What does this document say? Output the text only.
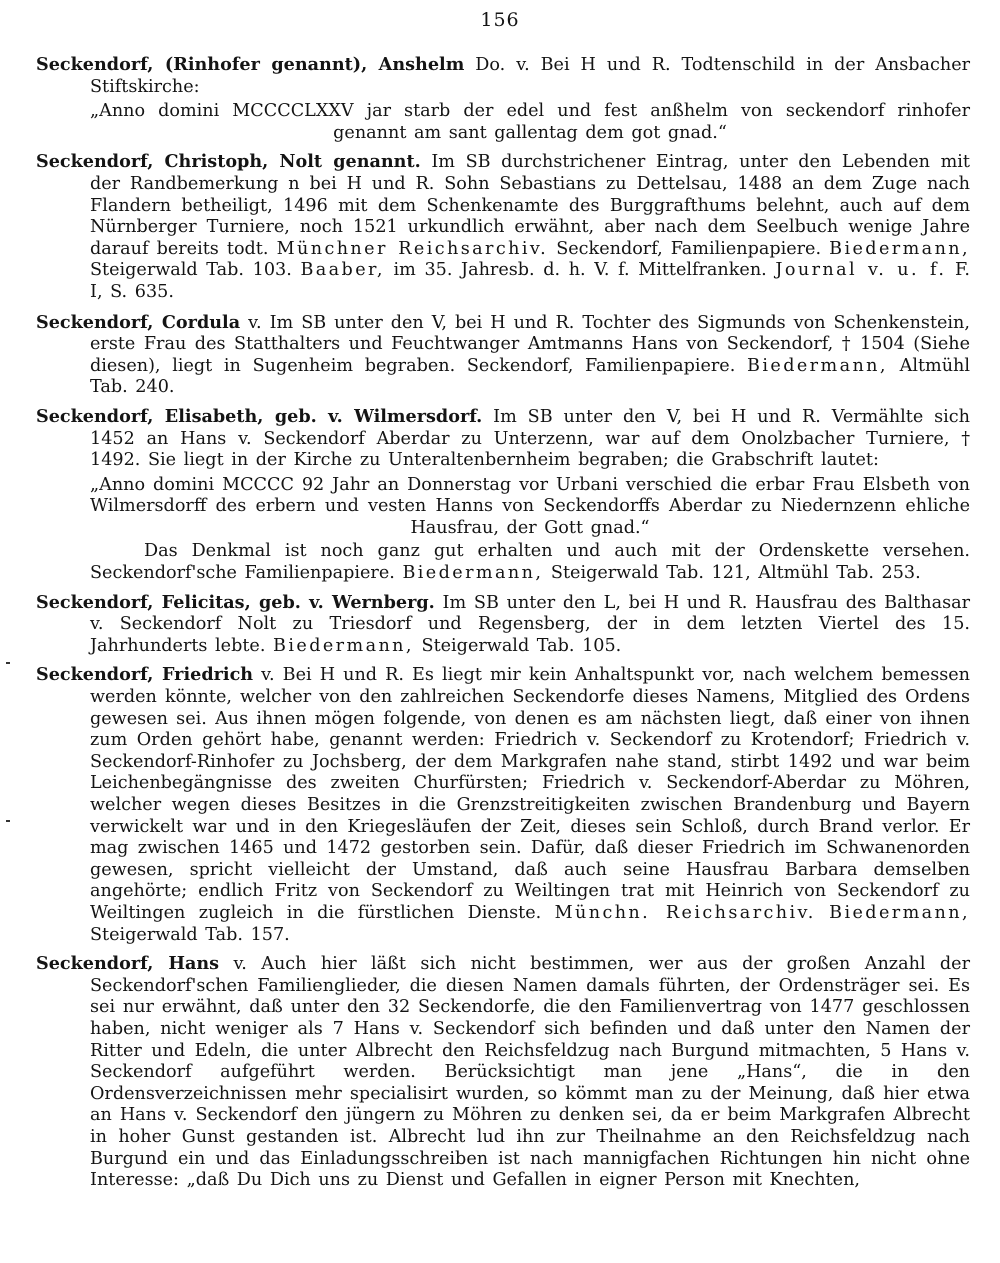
156

Seckendorf, (Rinhofer genannt), Anshelm Do. v. Bei H und R. Todtenschild in der Ansbacher Stiftskirche:

„Anno domini MCCCCLXXV jar starb der edel und fest anßhelm von seckendorf rinhofer genannt am sant gallentag dem got gnad.“

Seckendorf, Christoph, Nolt genannt. Im SB durchstrichener Eintrag, unter den Lebenden mit der Randbemerkung n bei H und R. Sohn Sebastians zu Dettelsau, 1488 an dem Zuge nach Flandern betheiligt, 1496 mit dem Schenkenamte des Burggrafthums belehnt, auch auf dem Nürnberger Turniere, noch 1521 urkundlich erwähnt, aber nach dem Seelbuch wenige Jahre darauf bereits todt. Münchner Reichsarchiv. Seckendorf, Familienpapiere. Biedermann, Steigerwald Tab. 103. Baaber, im 35. Jahresb. d. h. V. f. Mittelfranken. Journal v. u. f. F. I, S. 635.

Seckendorf, Cordula v. Im SB unter den V, bei H und R. Tochter des Sigmunds von Schenkenstein, erste Frau des Statthalters und Feuchtwanger Amtmanns Hans von Seckendorf, † 1504 (Siehe diesen), liegt in Sugenheim begraben. Seckendorf, Familienpapiere. Biedermann, Altmühl Tab. 240.

Seckendorf, Elisabeth, geb. v. Wilmersdorf. Im SB unter den V, bei H und R. Vermählte sich 1452 an Hans v. Seckendorf Aberdar zu Unterzenn, war auf dem Onolzbacher Turniere, † 1492. Sie liegt in der Kirche zu Unteraltenbernheim begraben; die Grabschrift lautet:

„Anno domini MCCCC 92 Jahr an Donnerstag vor Urbani verschied die erbar Frau Elsbeth von Wilmersdorff des erbern und vesten Hanns von Seckendorffs Aberdar zu Niedernzenn ehliche Hausfrau, der Gott gnad.“

Das Denkmal ist noch ganz gut erhalten und auch mit der Ordenskette versehen. Seckendorf'sche Familienpapiere. Biedermann, Steigerwald Tab. 121, Altmühl Tab. 253.

Seckendorf, Felicitas, geb. v. Wernberg. Im SB unter den L, bei H und R. Hausfrau des Balthasar v. Seckendorf Nolt zu Triesdorf und Regensberg, der in dem letzten Viertel des 15. Jahrhunderts lebte. Biedermann, Steigerwald Tab. 105.

Seckendorf, Friedrich v. Bei H und R. Es liegt mir kein Anhaltspunkt vor, nach welchem bemessen werden könnte, welcher von den zahlreichen Seckendorfe dieses Namens, Mitglied des Ordens gewesen sei. Aus ihnen mögen folgende, von denen es am nächsten liegt, daß einer von ihnen zum Orden gehört habe, genannt werden: Friedrich v. Seckendorf zu Krotendorf; Friedrich v. Seckendorf-Rinhofer zu Jochsberg, der dem Markgrafen nahe stand, stirbt 1492 und war beim Leichenbegängnisse des zweiten Churfürsten; Friedrich v. Seckendorf-Aberdar zu Möhren, welcher wegen dieses Besitzes in die Grenzstreitigkeiten zwischen Brandenburg und Bayern verwickelt war und in den Kriegesläufen der Zeit, dieses sein Schloß, durch Brand verlor. Er mag zwischen 1465 und 1472 gestorben sein. Dafür, daß dieser Friedrich im Schwanenorden gewesen, spricht vielleicht der Umstand, daß auch seine Hausfrau Barbara demselben angehörte; endlich Fritz von Seckendorf zu Weiltingen trat mit Heinrich von Seckendorf zu Weiltingen zugleich in die fürstlichen Dienste. Münchn. Reichsarchiv. Biedermann, Steigerwald Tab. 157.

Seckendorf, Hans v. Auch hier läßt sich nicht bestimmen, wer aus der großen Anzahl der Seckendorf'schen Familienglieder, die diesen Namen damals führten, der Ordensträger sei. Es sei nur erwähnt, daß unter den 32 Seckendorfe, die den Familienvertrag von 1477 geschlossen haben, nicht weniger als 7 Hans v. Seckendorf sich befinden und daß unter den Namen der Ritter und Edeln, die unter Albrecht den Reichsfeldzug nach Burgund mitmachten, 5 Hans v. Seckendorf aufgeführt werden. Berücksichtigt man jene „Hans“, die in den Ordensverzeichnissen mehr specialisirt wurden, so kömmt man zu der Meinung, daß hier etwa an Hans v. Seckendorf den jüngern zu Möhren zu denken sei, da er beim Markgrafen Albrecht in hoher Gunst gestanden ist. Albrecht lud ihn zur Theilnahme an den Reichsfeldzug nach Burgund ein und das Einladungsschreiben ist nach mannigfachen Richtungen hin nicht ohne Interesse: „daß Du Dich uns zu Dienst und Gefallen in eigner Person mit Knechten,
